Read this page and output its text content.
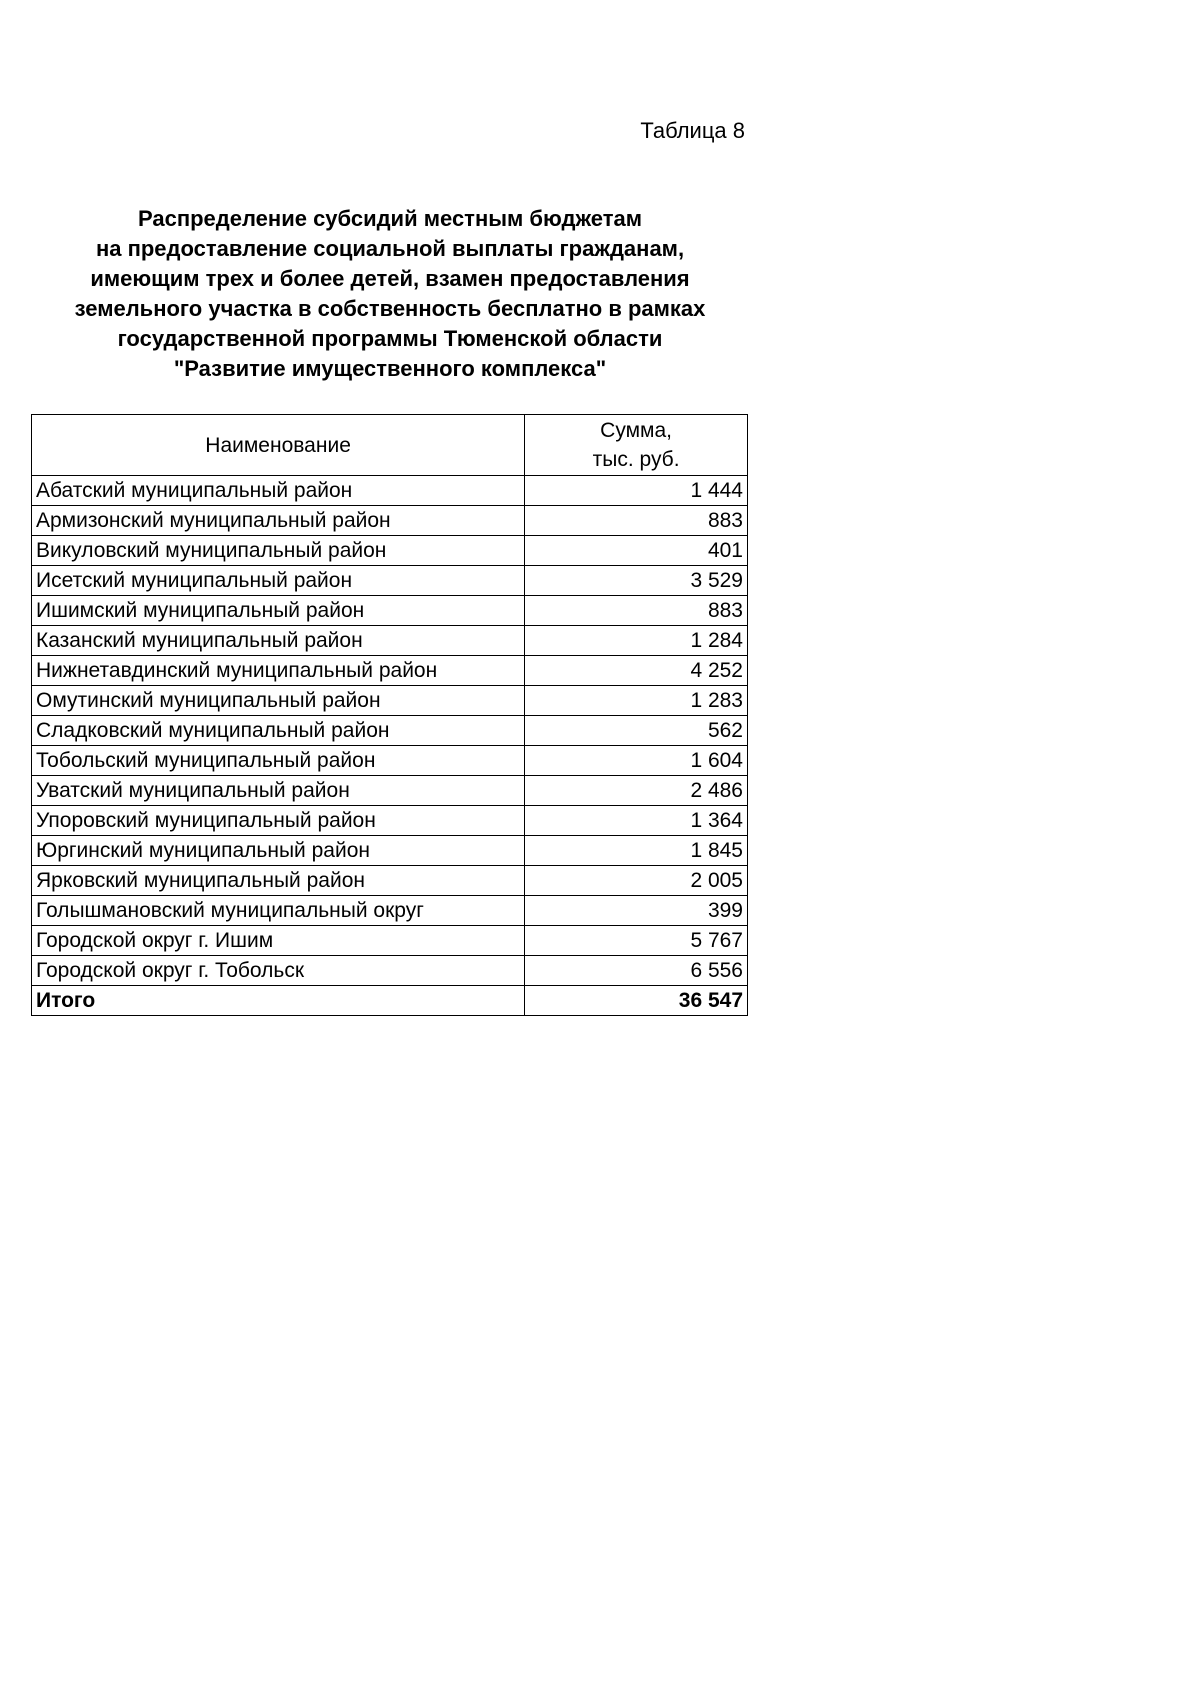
Таблица 8
Распределение субсидий местным бюджетам
на предоставление социальной выплаты гражданам,
имеющим трех и более детей, взамен предоставления
земельного участка в собственность бесплатно в рамках
государственной программы Тюменской области
"Развитие имущественного комплекса"
Наименование	Сумма,
тыс. руб.

Абатский муниципальный район	1 444
Армизонский муниципальный район	883
Викуловский муниципальный район	401
Исетский муниципальный район	3 529
Ишимский муниципальный район	883
Казанский муниципальный район	1 284
Нижнетавдинский муниципальный район	4 252
Омутинский муниципальный район	1 283
Сладковский муниципальный район	562
Тобольский муниципальный район	1 604
Уватский муниципальный район	2 486
Упоровский муниципальный район	1 364
Юргинский муниципальный район	1 845
Ярковский муниципальный район	2 005
Голышмановский муниципальный округ	399
Городской округ г. Ишим	5 767
Городской округ г. Тобольск	6 556
Итого	36 547
